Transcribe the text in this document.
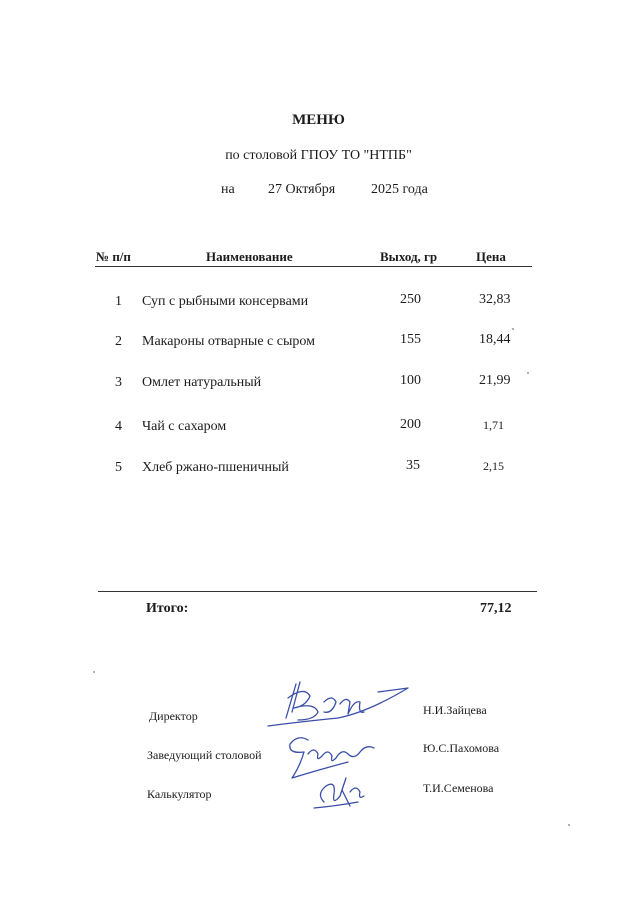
МЕНЮ
по столовой ГПОУ ТО "НТПБ"
на 27 Октября	2025 года
№ п/п	Наименование	Выход, гр	Цена
1 Суп с рыбными консервами	250	32,83
2 Макароны отварные с сыром	155	18,44
3 Омлет натуральный	100	21,99
4 Чай с сахаром	200	1,71
5 Хлеб ржано-пшеничный	35	2,15
Итого:	77,12
Директор	Н.И.Зайцева
Заведующий столовой	Ю.С.Пахомова
Калькулятор	Т.И.Семенова
